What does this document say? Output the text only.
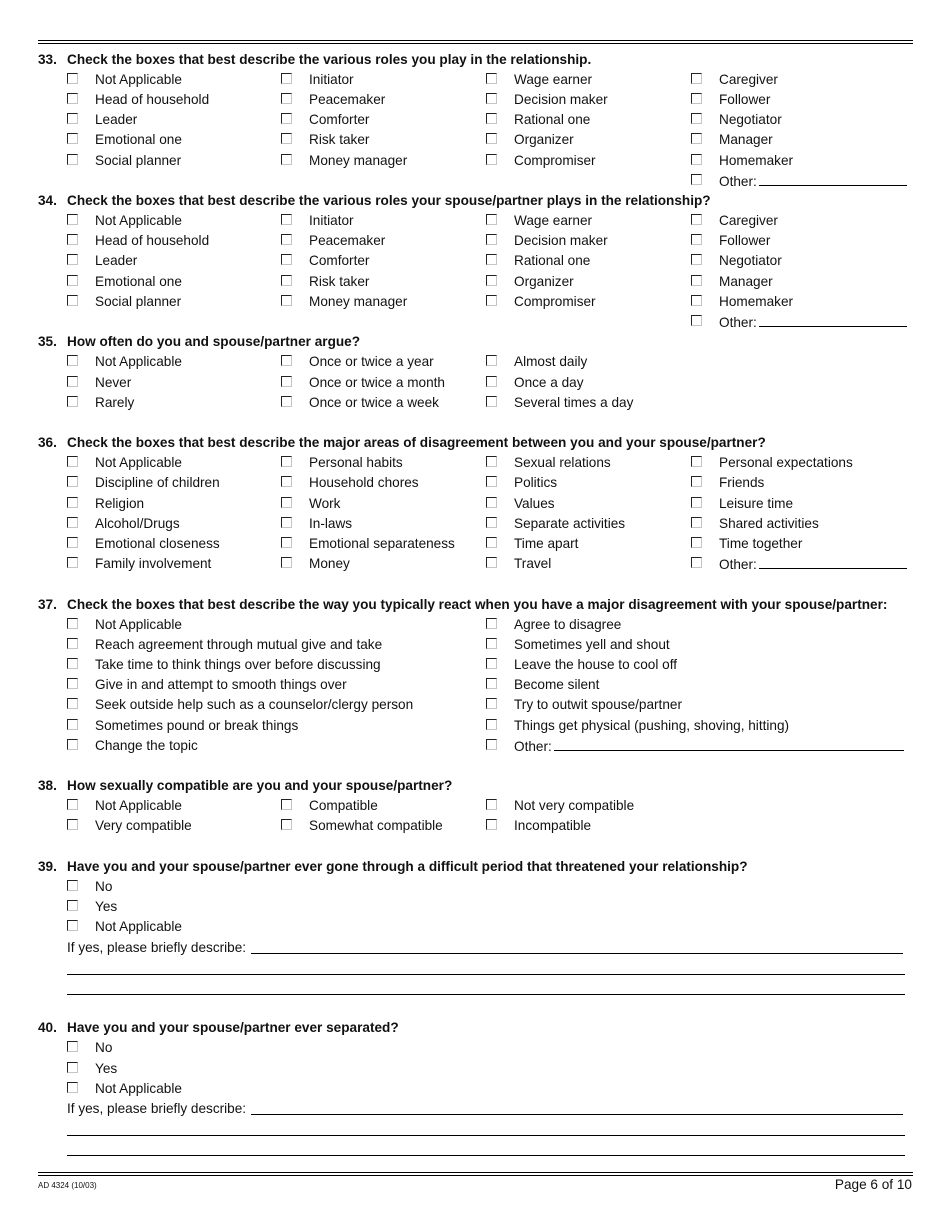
33. Check the boxes that best describe the various roles you play in the relationship.
Not Applicable	Initiator	Wage earner	Caregiver
Head of household	Peacemaker	Decision maker	Follower
Leader	Comforter	Rational one	Negotiator
Emotional one	Risk taker	Organizer	Manager
Social planner	Money manager	Compromiser	Homemaker
Other:
34. Check the boxes that best describe the various roles your spouse/partner plays in the relationship?
Not Applicable	Initiator	Wage earner	Caregiver
Head of household	Peacemaker	Decision maker	Follower
Leader	Comforter	Rational one	Negotiator
Emotional one	Risk taker	Organizer	Manager
Social planner	Money manager	Compromiser	Homemaker
Other:
35. How often do you and spouse/partner argue?
Not Applicable	Once or twice a year	Almost daily
Never	Once or twice a month	Once a day
Rarely	Once or twice a week	Several times a day
36. Check the boxes that best describe the major areas of disagreement between you and your spouse/partner?
Not Applicable	Personal habits	Sexual relations	Personal expectations
Discipline of children	Household chores	Politics	Friends
Religion	Work	Values	Leisure time
Alcohol/Drugs	In-laws	Separate activities	Shared activities
Emotional closeness	Emotional separateness	Time apart	Time together
Family involvement	Money	Travel	Other:
37. Check the boxes that best describe the way you typically react when you have a major disagreement with your spouse/partner:
Not Applicable	Agree to disagree
Reach agreement through mutual give and take	Sometimes yell and shout
Take time to think things over before discussing	Leave the house to cool off
Give in and attempt to smooth things over	Become silent
Seek outside help such as a counselor/clergy person	Try to outwit spouse/partner
Sometimes pound or break things	Things get physical (pushing, shoving, hitting)
Change the topic	Other:
38. How sexually compatible are you and your spouse/partner?
Not Applicable	Compatible	Not very compatible
Very compatible	Somewhat compatible	Incompatible
39. Have you and your spouse/partner ever gone through a difficult period that threatened your relationship?
No
Yes
Not Applicable
If yes, please briefly describe:
40. Have you and your spouse/partner ever separated?
No
Yes
Not Applicable
If yes, please briefly describe:
AD 4324 (10/03)	Page 6 of 10
